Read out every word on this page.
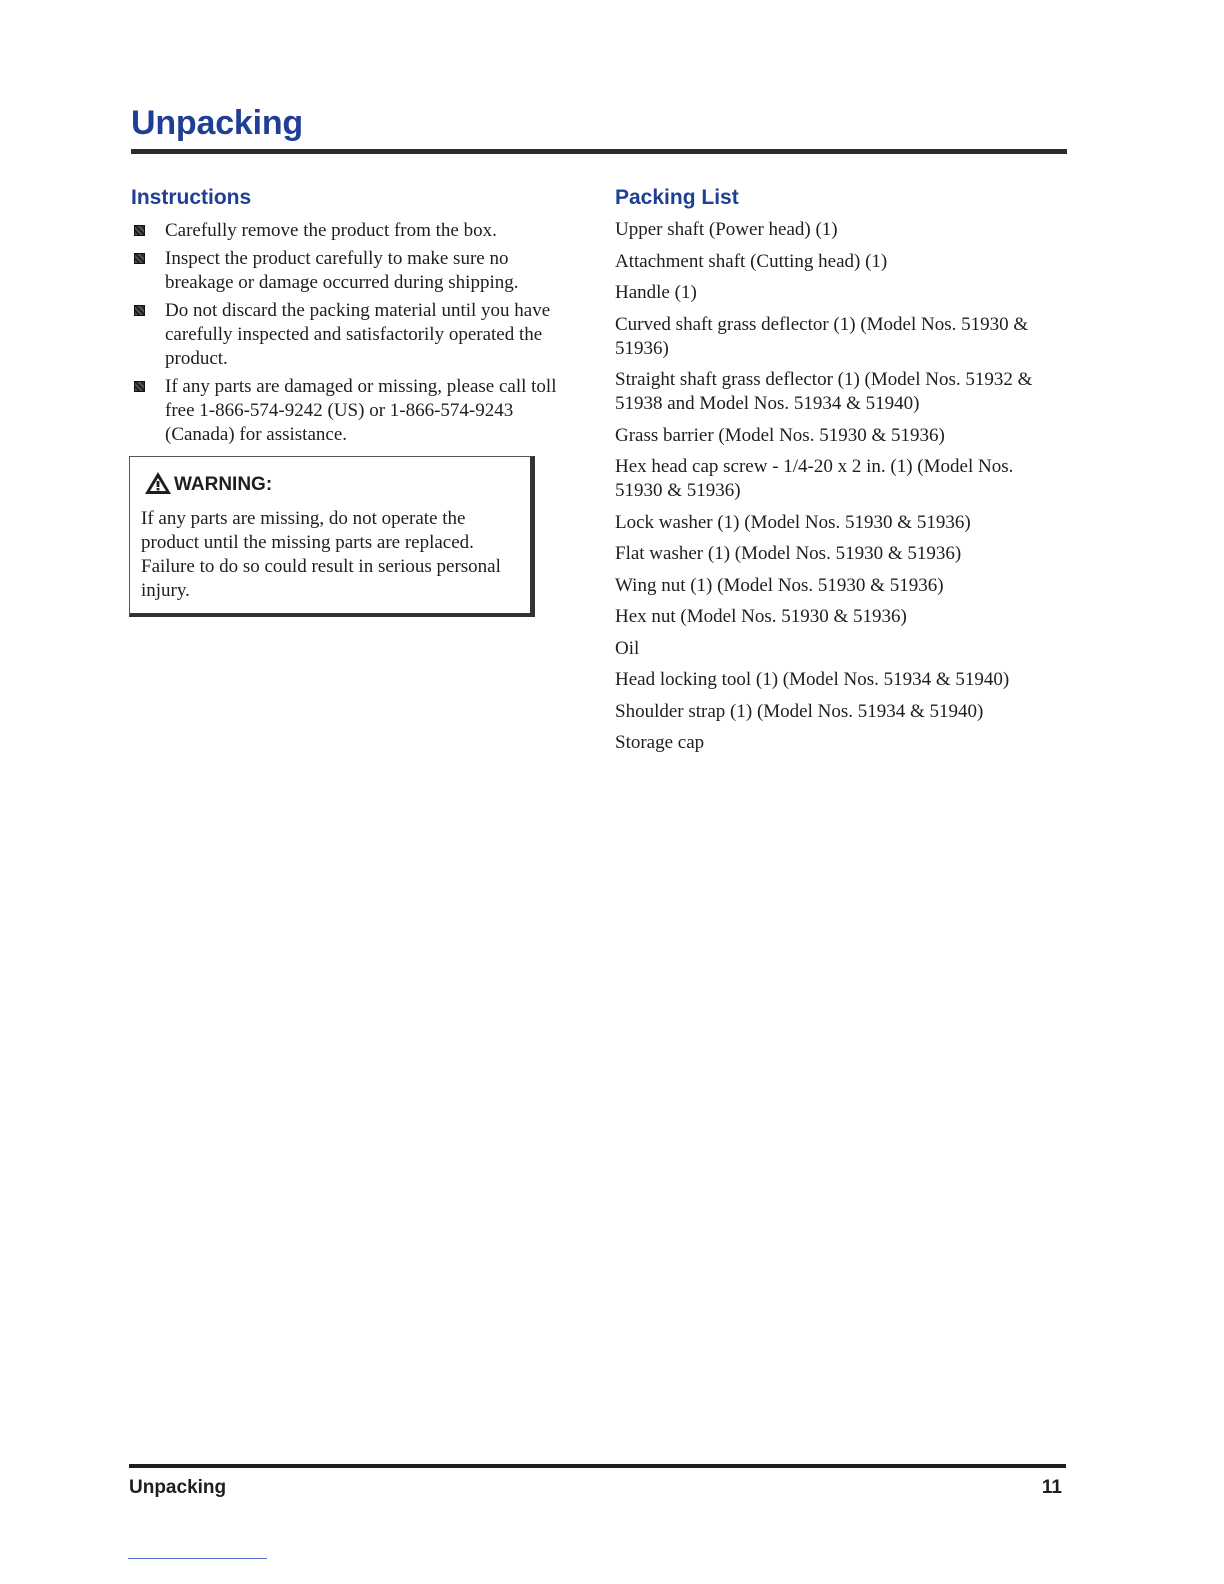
Unpacking
Instructions
Carefully remove the product from the box.
Inspect the product carefully to make sure no breakage or damage occurred during shipping.
Do not discard the packing material until you have carefully inspected and satisfactorily operated the product.
If any parts are damaged or missing, please call toll free 1-866-574-9242 (US) or 1-866-574-9243 (Canada) for assistance.
WARNING:

If any parts are missing, do not operate the product until the missing parts are replaced. Failure to do so could result in serious personal injury.

Packing List
Upper shaft (Power head) (1)
Attachment shaft (Cutting head) (1)
Handle (1)
Curved shaft grass deflector (1) (Model Nos. 51930 & 51936)
Straight shaft grass deflector (1) (Model Nos. 51932 & 51938 and Model Nos. 51934 & 51940)
Grass barrier (Model Nos. 51930 & 51936)
Hex head cap screw - 1/4-20 x 2 in. (1) (Model Nos. 51930 & 51936)
Lock washer (1) (Model Nos. 51930 & 51936)
Flat washer (1) (Model Nos. 51930 & 51936)
Wing nut (1) (Model Nos. 51930 & 51936)
Hex nut (Model Nos. 51930 & 51936)
Oil
Head locking tool (1) (Model Nos. 51934 & 51940)
Shoulder strap (1) (Model Nos. 51934 & 51940)
Storage cap
Unpacking	11
